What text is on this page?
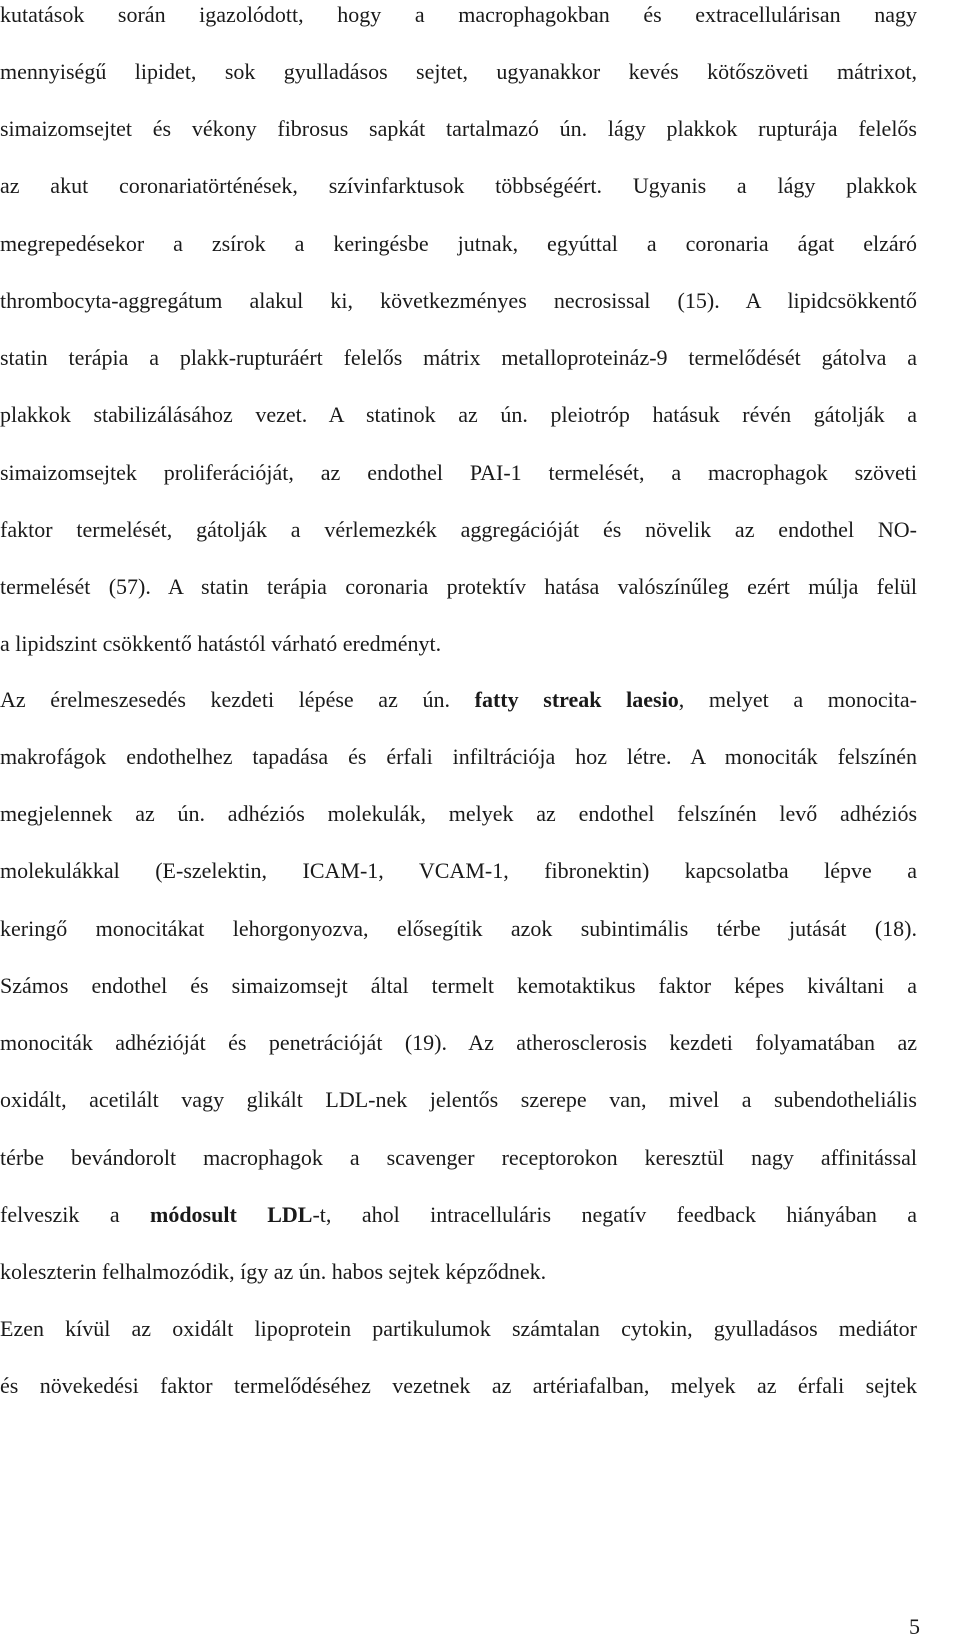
kutatások során igazolódott, hogy a macrophagokban és extracellulárisan nagy
mennyiségű lipidet, sok gyulladásos sejtet, ugyanakkor kevés kötőszöveti mátrixot,
simaizomsejtet és vékony fibrosus sapkát tartalmazó ún. lágy plakkok rupturája felelős
az akut coronariatörténések, szívinfarktusok többségéért. Ugyanis a lágy plakkok
megrepedésekor a zsírok a keringésbe jutnak, egyúttal a coronaria ágat elzáró
thrombocyta-aggregátum alakul ki, következményes necrosissal (15). A lipidcsökkentő
statin terápia a plakk-rupturáért felelős mátrix metalloproteináz-9 termelődését gátolva a
plakkok stabilizálásához vezet. A statinok az ún. pleiotróp hatásuk révén gátolják a
simaizomsejtek proliferációját, az endothel PAI-1 termelését, a macrophagok szöveti
faktor termelését, gátolják a vérlemezkék aggregációját és növelik az endothel NO-
termelését (57). A statin terápia coronaria protektív hatása valószínűleg ezért múlja felül
a lipidszint csökkentő hatástól várható eredményt.
Az érelmeszesedés kezdeti lépése az ún. fatty streak laesio, melyet a monocita-
makrofágok endothelhez tapadása és érfali infiltrációja hoz létre. A monociták felszínén
megjelennek az ún. adhéziós molekulák, melyek az endothel felszínén levő adhéziós
molekulákkal (E-szelektin, ICAM-1, VCAM-1, fibronektin) kapcsolatba lépve a
keringő monocitákat lehorgonyozva, elősegítik azok subintimális térbe jutását (18).
Számos endothel és simaizomsejt által termelt kemotaktikus faktor képes kiváltani a
monociták adhézióját és penetrációját (19). Az atherosclerosis kezdeti folyamatában az
oxidált, acetilált vagy glikált LDL-nek jelentős szerepe van, mivel a subendotheliális
térbe bevándorolt macrophagok a scavenger receptorokon keresztül nagy affinitással
felveszik a módosult LDL-t, ahol intracelluláris negatív feedback hiányában a
koleszterin felhalmozódik, így az ún. habos sejtek képződnek.
Ezen kívül az oxidált lipoprotein partikulumok számtalan cytokin, gyulladásos mediátor
és növekedési faktor termelődéséhez vezetnek az artériafalban, melyek az érfali sejtek
5
